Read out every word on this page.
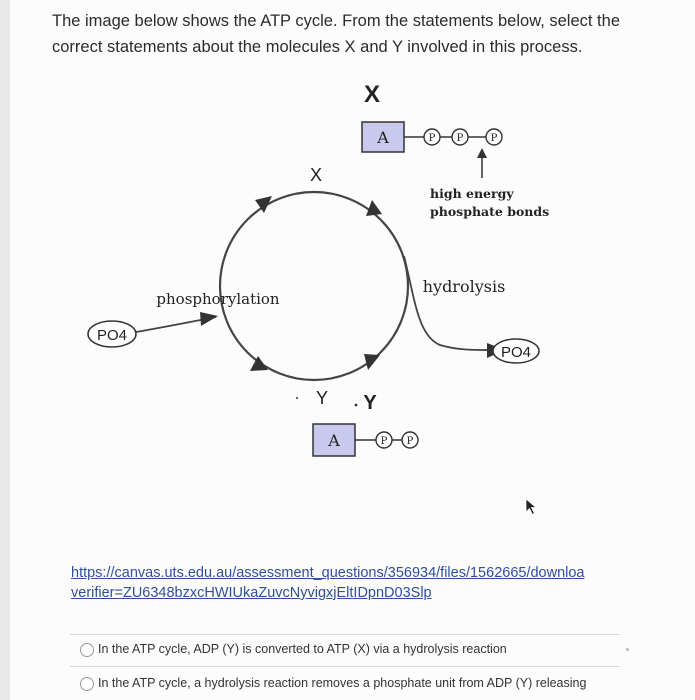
The image below shows the ATP cycle. From the statements below, select the
correct statements about the molecules X and Y involved in this process.
PO4
PO4
X
X
Y Y
phosphorylation
hydrolysis
high energy
phosphate bonds
A	P P	P
A	P P
https://canvas.uts.edu.au/assessment_questions/356934/files/1562665/downloa
verifier=ZU6348bzxcHWIUkaZuvcNyvigxjEltIDpnD03Slp
In the ATP cycle, ADP (Y) is converted to ATP (X) via a hydrolysis reaction
In the ATP cycle, a hydrolysis reaction removes a phosphate unit from ADP (Y) releasing
